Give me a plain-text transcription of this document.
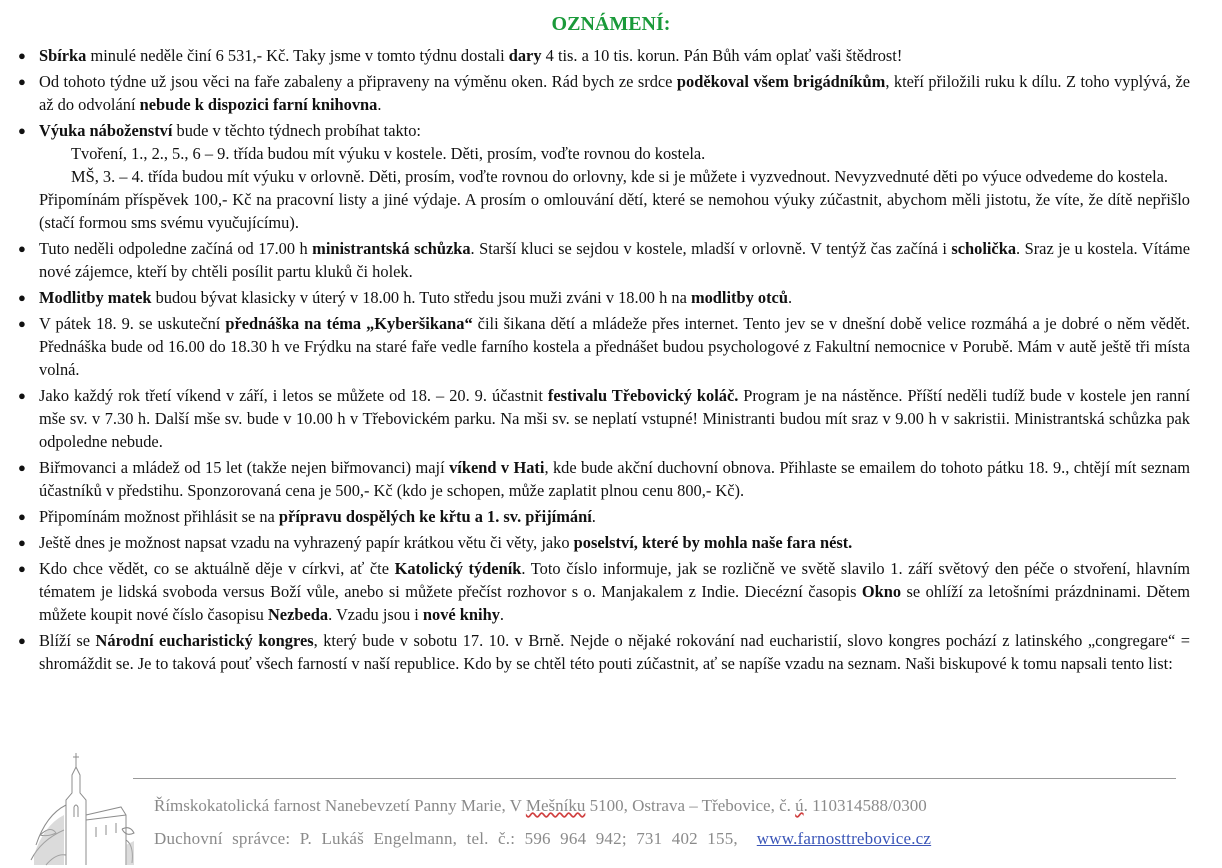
OZNÁMENÍ:
● Sbírka minulé neděle činí 6 531,- Kč. Taky jsme v tomto týdnu dostali dary 4 tis. a 10 tis. korun. Pán Bůh vám oplať vaši štědrost!
● Od tohoto týdne už jsou věci na faře zabaleny a připraveny na výměnu oken. Rád bych ze srdce poděkoval všem brigádníkům, kteří přiložili ruku k dílu. Z toho vyplývá, že až do odvolání nebude k dispozici farní knihovna.
● Výuka náboženství bude v těchto týdnech probíhat takto:
Tvoření, 1., 2., 5., 6 – 9. třída budou mít výuku v kostele. Děti, prosím, voďte rovnou do kostela.
MŠ, 3. – 4. třída budou mít výuku v orlovně. Děti, prosím, voďte rovnou do orlovny, kde si je můžete i vyzvednout. Nevyzvednuté děti po výuce odvedeme do kostela.
Připomínám příspěvek 100,- Kč na pracovní listy a jiné výdaje. A prosím o omlouvání dětí, které se nemohou výuky zúčastnit, abychom měli jistotu, že víte, že dítě nepřišlo (stačí formou sms svému vyučujícímu).
● Tuto neděli odpoledne začíná od 17.00 h ministrantská schůzka. Starší kluci se sejdou v kostele, mladší v orlovně. V tentýž čas začíná i scholička. Sraz je u kostela. Vítáme nové zájemce, kteří by chtěli posílit partu kluků či holek.
● Modlitby matek budou bývat klasicky v úterý v 18.00 h. Tuto středu jsou muži zváni v 18.00 h na modlitby otců.
● V pátek 18. 9. se uskuteční přednáška na téma „Kyberšikana“ čili šikana dětí a mládeže přes internet. Tento jev se v dnešní době velice rozmáhá a je dobré o něm vědět. Přednáška bude od 16.00 do 18.30 h ve Frýdku na staré faře vedle farního kostela a přednášet budou psychologové z Fakultní nemocnice v Porubě. Mám v autě ještě tři místa volná.
● Jako každý rok třetí víkend v září, i letos se můžete od 18. – 20. 9. účastnit festivalu Třebovický koláč. Program je na nástěnce. Příští neděli tudíž bude v kostele jen ranní mše sv. v 7.30 h. Další mše sv. bude v 10.00 h v Třebovickém parku. Na mši sv. se neplatí vstupné! Ministranti budou mít sraz v 9.00 h v sakristii. Ministrantská schůzka pak odpoledne nebude.
● Biřmovanci a mládež od 15 let (takže nejen biřmovanci) mají víkend v Hati, kde bude akční duchovní obnova. Přihlaste se emailem do tohoto pátku 18. 9., chtějí mít seznam účastníků v předstihu. Sponzorovaná cena je 500,- Kč (kdo je schopen, může zaplatit plnou cenu 800,- Kč).
● Připomínám možnost přihlásit se na přípravu dospělých ke křtu a 1. sv. přijímání.
● Ještě dnes je možnost napsat vzadu na vyhrazený papír krátkou větu či věty, jako poselství, které by mohla naše fara nést.
● Kdo chce vědět, co se aktuálně děje v církvi, ať čte Katolický týdeník. Toto číslo informuje, jak se rozličně ve světě slavilo 1. září světový den péče o stvoření, hlavním tématem je lidská svoboda versus Boží vůle, anebo si můžete přečíst rozhovor s o. Manjakalem z Indie. Diecézní časopis Okno se ohlíží za letošními prázdninami. Dětem můžete koupit nové číslo časopisu Nezbeda. Vzadu jsou i nové knihy.
● Blíží se Národní eucharistický kongres, který bude v sobotu 17. 10. v Brně. Nejde o nějaké rokování nad eucharistií, slovo kongres pochází z latinského „congregare“ = shromáždit se. Je to taková pouť všech farností v naší republice. Kdo by se chtěl této pouti zúčastnit, ať se napíše vzadu na seznam. Naši biskupové k tomu napsali tento list:

Římskokatolická farnost Nanebevzetí Panny Marie, V Mešníku 5100, Ostrava – Třebovice, č. ú. 110314588/0300

Duchovní správce: P. Lukáš Engelmann, tel. č.: 596 964 942; 731 402 155, www.farnosttrebovice.cz
